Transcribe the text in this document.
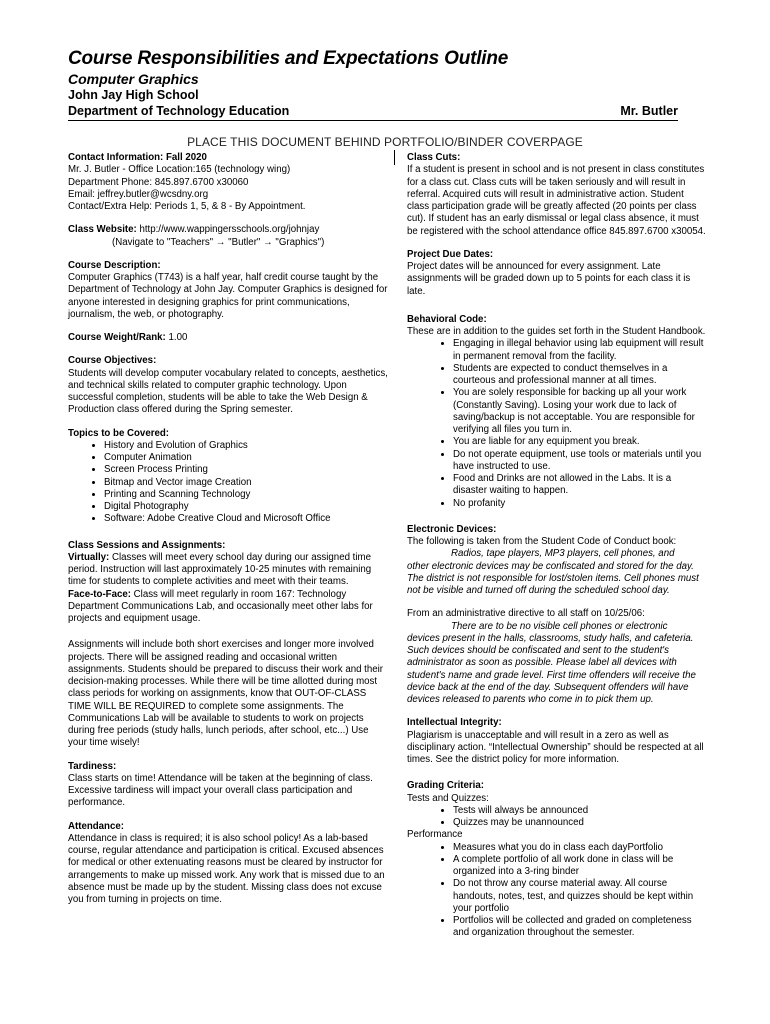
Course Responsibilities and Expectations Outline
Computer Graphics
John Jay High School
Department of Technology Education	Mr. Butler
PLACE THIS DOCUMENT BEHIND PORTFOLIO/BINDER COVERPAGE

Contact Information: Fall 2020

Mr. J. Butler - Office Location:165 (technology wing)

Department Phone: 845.897.6700 x30060

Email: jeffrey.butler@wcsdny.org

Contact/Extra Help: Periods 1, 5, & 8 - By Appointment.

Class Website: http://www.wappingersschools.org/johnjay

(Navigate to "Teachers" → "Butler" → "Graphics")

Course Description:

Computer Graphics (T743) is a half year, half credit course taught by the Department of Technology at John Jay. Computer Graphics is designed for anyone interested in designing graphics for print communications, journalism, the web, or photography.

Course Weight/Rank: 1.00

Course Objectives:

Students will develop computer vocabulary related to concepts, aesthetics, and technical skills related to computer graphic technology. Upon successful completion, students will be able to take the Web Design & Production class offered during the Spring semester.

Topics to be Covered:

• History and Evolution of Graphics
• Computer Animation
• Screen Process Printing
• Bitmap and Vector image Creation
• Printing and Scanning Technology
• Digital Photography
• Software: Adobe Creative Cloud and Microsoft Office

Class Sessions and Assignments:

Virtually: Classes will meet every school day during our assigned time period. Instruction will last approximately 10-25 minutes with remaining time for students to complete activities and meet with their teams.

Face-to-Face: Class will meet regularly in room 167: Technology Department Communications Lab, and occasionally meet other labs for projects and equipment usage.

Assignments will include both short exercises and longer more involved projects. There will be assigned reading and occasional written assignments. Students should be prepared to discuss their work and their decision-making processes. While there will be time allotted during most class periods for working on assignments, know that OUT-OF-CLASS TIME WILL BE REQUIRED to complete some assignments. The Communications Lab will be available to students to work on projects during free periods (study halls, lunch periods, after school, etc...) Use your time wisely!

Tardiness:

Class starts on time! Attendance will be taken at the beginning of class. Excessive tardiness will impact your overall class participation and performance.

Attendance:

Attendance in class is required; it is also school policy! As a lab-based course, regular attendance and participation is critical. Excused absences for medical or other extenuating reasons must be cleared by instructor for arrangements to make up missed work. Any work that is missed due to an absence must be made up by the student. Missing class does not excuse you from turning in projects on time.

Class Cuts:

If a student is present in school and is not present in class constitutes for a class cut. Class cuts will be taken seriously and will result in referral. Acquired cuts will result in administrative action. Student class participation grade will be greatly affected (20 points per class cut). If student has an early dismissal or legal class absence, it must be registered with the school attendance office 845.897.6700 x30054.

Project Due Dates:

Project dates will be announced for every assignment. Late assignments will be graded down up to 5 points for each class it is late.

Behavioral Code:

These are in addition to the guides set forth in the Student Handbook.

• Engaging in illegal behavior using lab equipment will result in permanent removal from the facility.
• Students are expected to conduct themselves in a courteous and professional manner at all times.
• You are solely responsible for backing up all your work (Constantly Saving). Losing your work due to lack of saving/backup is not acceptable. You are responsible for verifying all files you turn in.
• You are liable for any equipment you break.
• Do not operate equipment, use tools or materials until you have instructed to use.
• Food and Drinks are not allowed in the Labs. It is a disaster waiting to happen.
• No profanity

Electronic Devices:

The following is taken from the Student Code of Conduct book:

Radios, tape players, MP3 players, cell phones, and

other electronic devices may be confiscated and stored for the day. The district is not responsible for lost/stolen items. Cell phones must not be visible and turned off during the scheduled school day.

From an administrative directive to all staff on 10/25/06:

There are to be no visible cell phones or electronic

devices present in the halls, classrooms, study halls, and cafeteria. Such devices should be confiscated and sent to the student's administrator as soon as possible. Please label all devices with student's name and grade level. First time offenders will receive the device back at the end of the day. Subsequent offenders will have devices released to parents who come in to pick them up.

Intellectual Integrity:

Plagiarism is unacceptable and will result in a zero as well as disciplinary action. “Intellectual Ownership” should be respected at all times. See the district policy for more information.

Grading Criteria:

Tests and Quizzes:

• Tests will always be announced
• Quizzes may be unannounced

Performance

• Measures what you do in class each dayPortfolio
• A complete portfolio of all work done in class will be organized into a 3-ring binder
• Do not throw any course material away. All course handouts, notes, test, and quizzes should be kept within your portfolio
• Portfolios will be collected and graded on completeness and organization throughout the semester.
